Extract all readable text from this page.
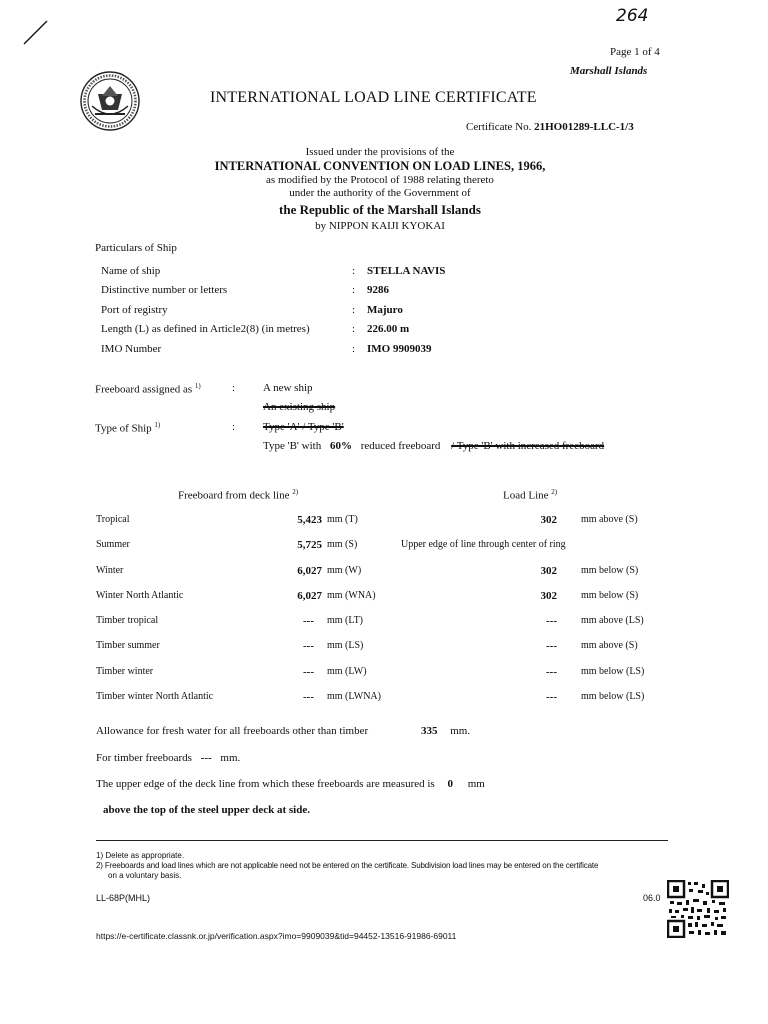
264
Page 1 of 4
Marshall Islands
INTERNATIONAL LOAD LINE CERTIFICATE
Certificate No. 21HO01289-LLC-1/3
Issued under the provisions of the
INTERNATIONAL CONVENTION ON LOAD LINES, 1966,
as modified by the Protocol of 1988 relating thereto
under the authority of the Government of
the Republic of the Marshall Islands
by NIPPON KAIJI KYOKAI
Particulars of Ship
Name of ship	: STELLA NAVIS
Distinctive number or letters	: 9286
Port of registry	: Majuro
Length (L) as defined in Article2(8) (in metres)	: 226.00 m
IMO Number	: IMO 9909039
Freeboard assigned as $^{1)}$	:	A new ship
An existing ship
Type of Ship $^{1)}$	:	Type 'A' / Type 'B'
Type 'B' with 60% reduced freeboard / Type 'B' with increased freeboard
Freeboard from deck line $^{2)}$	Load Line $^{2)}$
Tropical	5,423 mm (T)	302 mm above (S)
Summer	5,725 mm (S)	Upper edge of line through center of ring
Winter	6,027 mm (W)	302 mm below (S)
Winter North Atlantic	6,027 mm (WNA)	302 mm below (S)
Timber tropical	--- mm (LT)	--- mm above (LS)
Timber summer	--- mm (LS)	--- mm above (S)
Timber winter	--- mm (LW)	--- mm below (LS)
Timber winter North Atlantic	--- mm (LWNA)	--- mm below (LS)
Allowance for fresh water for all freeboards other than timber	335 mm.
For timber freeboards --- mm.
The upper edge of the deck line from which these freeboards are measured is 0 mm
above the top of the steel upper deck at side.
1) Delete as appropriate.
2) Freeboards and load lines which are not applicable need not be entered on the certificate. Subdivision load lines may be entered on the certificate
on a voluntary basis.
LL-68P(MHL)	06.0
https://e-certificate.classnk.or.jp/verification.aspx?imo=9909039&tid=94452-13516-91986-69011
